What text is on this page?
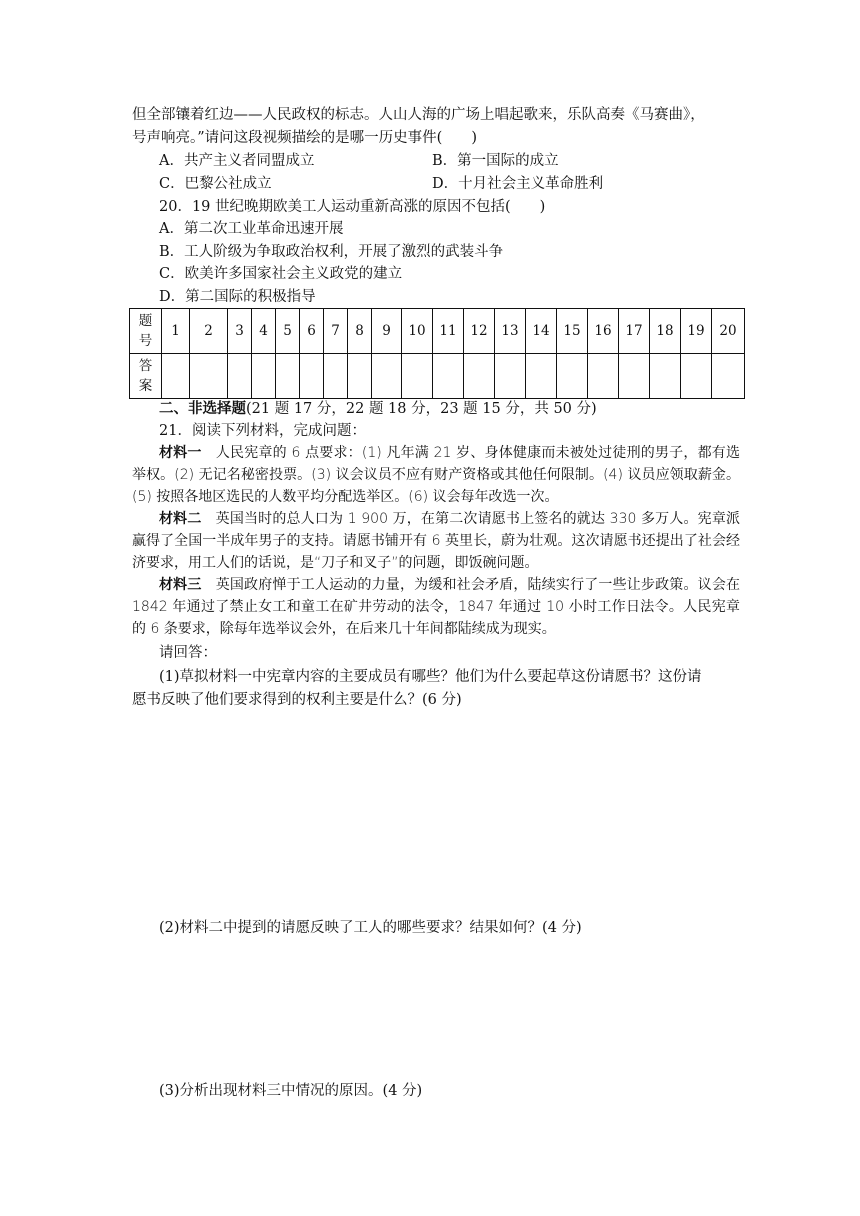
但全部镶着红边——人民政权的标志。人山人海的广场上唱起歌来，乐队高奏《马赛曲》，
号声响亮。”请问这段视频描绘的是哪一历史事件(　　)
A．共产主义者同盟成立	B．第一国际的成立
C．巴黎公社成立	D．十月社会主义革命胜利
20．19 世纪晚期欧美工人运动重新高涨的原因不包括(　　)
A．第二次工业革命迅速开展
B．工人阶级为争取政治权利，开展了激烈的武装斗争
C．欧美许多国家社会主义政党的建立
D．第二国际的积极指导
题
号	1	2	3	4	5	6	7	8	9	10	11	12	13	14	15	16	17	18	19	20

答
案																				

二、非选择题(21 题 17 分，22 题 18 分，23 题 15 分，共 50 分)
21．阅读下列材料，完成问题：

材料一　人民宪章的 6 点要求：(1) 凡年满 21 岁、身体健康而未被处过徒刑的男子，都有选举权。(2) 无记名秘密投票。(3) 议会议员不应有财产资格或其他任何限制。(4) 议员应领取薪金。(5) 按照各地区选民的人数平均分配选举区。(6) 议会每年改选一次。

材料二　英国当时的总人口为 1 900 万，在第二次请愿书上签名的就达 330 多万人。宪章派赢得了全国一半成年男子的支持。请愿书铺开有 6 英里长，蔚为壮观。这次请愿书还提出了社会经济要求，用工人们的话说，是“刀子和叉子”的问题，即饭碗问题。

材料三　英国政府惮于工人运动的力量，为缓和社会矛盾，陆续实行了一些让步政策。议会在 1842 年通过了禁止女工和童工在矿井劳动的法令，1847 年通过 10 小时工作日法令。人民宪章的 6 条要求，除每年选举议会外，在后来几十年间都陆续成为现实。

请回答：
(1)草拟材料一中宪章内容的主要成员有哪些？他们为什么要起草这份请愿书？这份请
愿书反映了他们要求得到的权利主要是什么？(6 分)
(2)材料二中提到的请愿反映了工人的哪些要求？结果如何？(4 分)
(3)分析出现材料三中情况的原因。(4 分)
